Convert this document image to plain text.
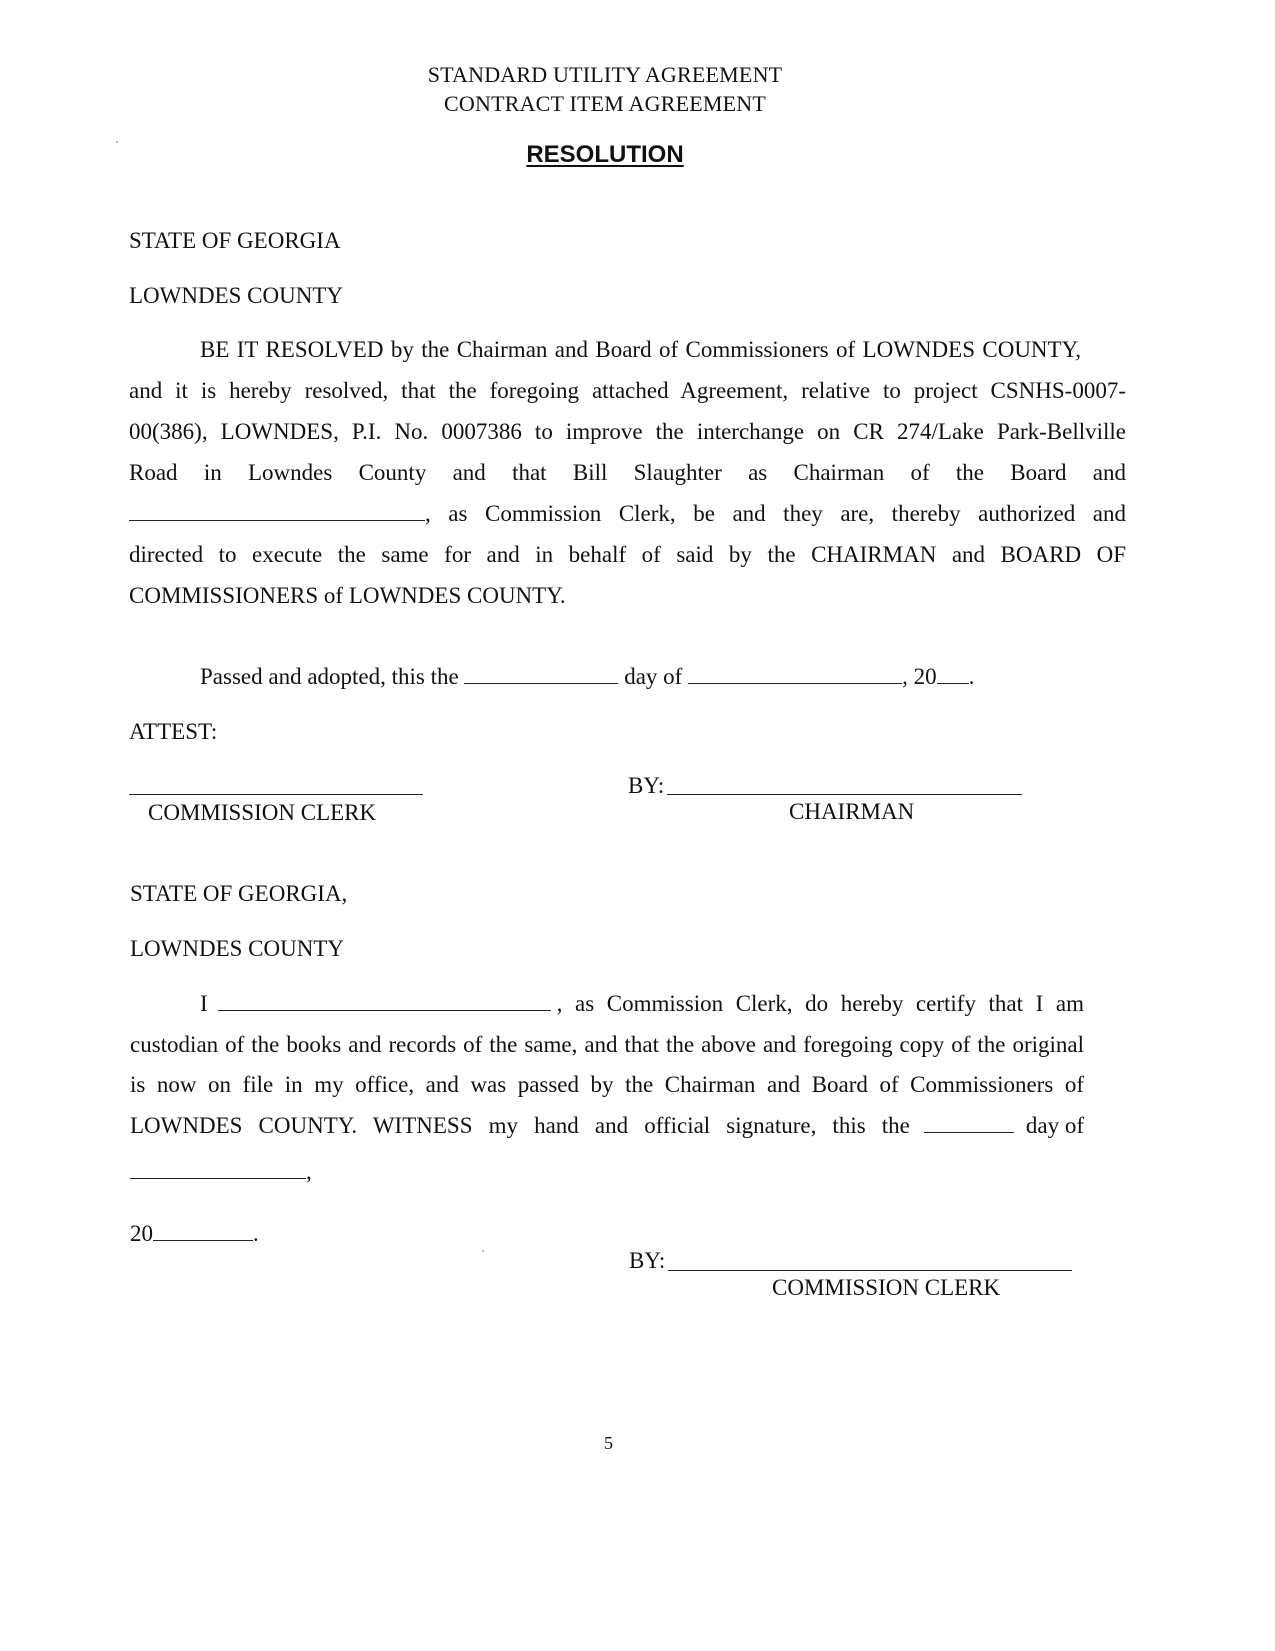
STANDARD UTILITY AGREEMENT
CONTRACT ITEM AGREEMENT
RESOLUTION
STATE OF GEORGIA
LOWNDES COUNTY
BE IT RESOLVED by the Chairman and Board of Commissioners of LOWNDES COUNTY,
and it is hereby resolved, that the foregoing attached Agreement, relative to project CSNHS-0007-
00(386), LOWNDES, P.I. No. 0007386 to improve the interchange on CR 274/Lake Park-Bellville
Road in Lowndes County and that Bill Slaughter as Chairman of the Board and
, as Commission Clerk, be and they are, thereby authorized and
directed to execute the same for and in behalf of said by the CHAIRMAN and BOARD OF
COMMISSIONERS of LOWNDES COUNTY.
Passed and adopted, this the	day of	, 20 .
ATTEST:
COMMISSION CLERK
BY:
CHAIRMAN
STATE OF GEORGIA,
LOWNDES COUNTY
I	, as Commission Clerk, do hereby certify that I am
custodian of the books and records of the same, and that the above and foregoing copy of the original
is now on file in my office, and was passed by the Chairman and Board of Commissioners of
LOWNDES COUNTY. WITNESS my hand and official signature, this the	day of
,
20	.
BY:
COMMISSION CLERK
5
